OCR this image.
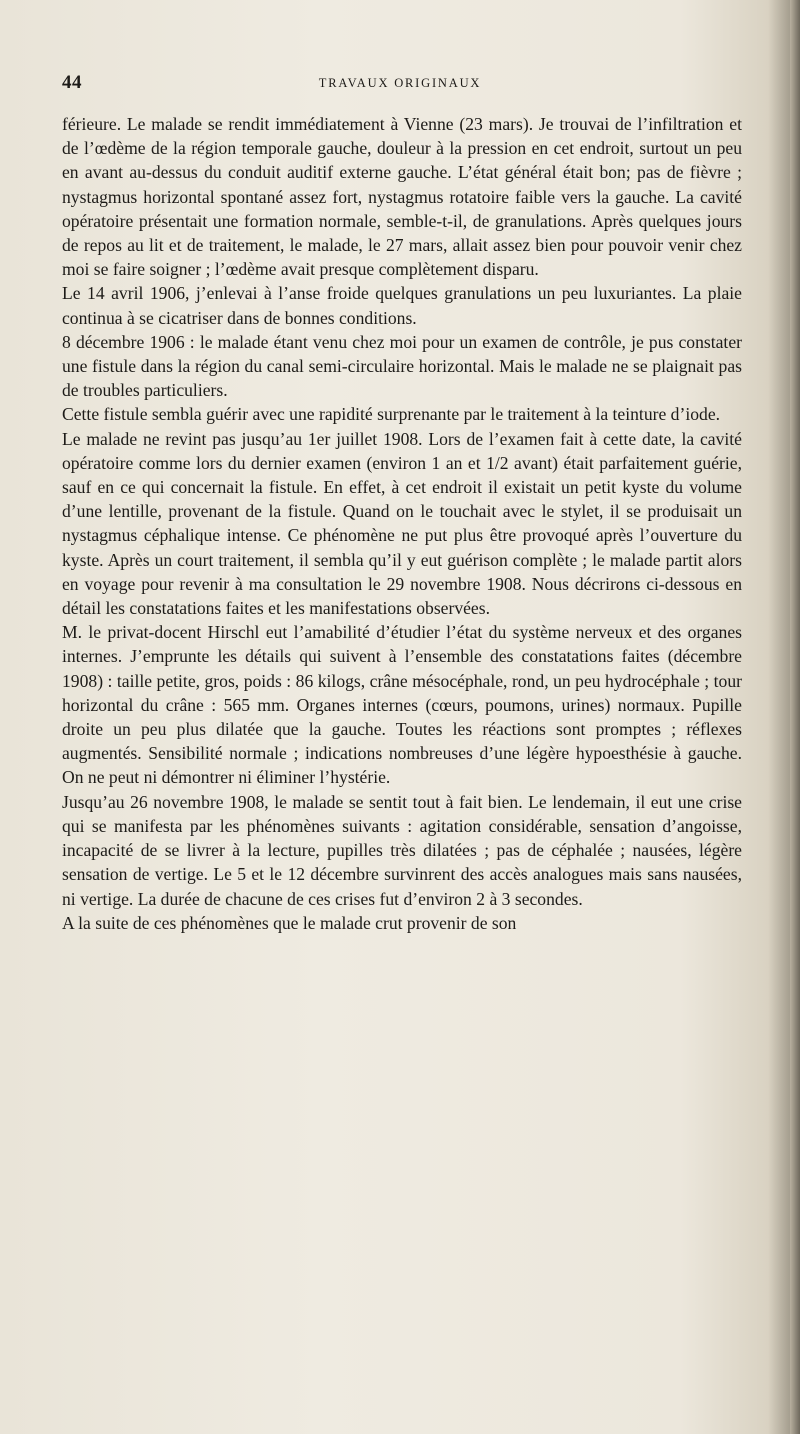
44	TRAVAUX ORIGINAUX

férieure. Le malade se rendit immédiatement à Vienne (23 mars). Je trouvai de l’infiltration et de l’œdème de la région temporale gauche, douleur à la pression en cet endroit, surtout un peu en avant au-dessus du conduit auditif externe gauche. L’état général était bon; pas de fièvre ; nystagmus horizontal spontané assez fort, nystagmus rotatoire faible vers la gauche. La cavité opératoire présentait une formation normale, semble-t-il, de granulations. Après quelques jours de repos au lit et de traitement, le malade, le 27 mars, allait assez bien pour pouvoir venir chez moi se faire soigner ; l’œdème avait presque complètement disparu.

Le 14 avril 1906, j’enlevai à l’anse froide quelques granulations un peu luxuriantes. La plaie continua à se cicatriser dans de bonnes conditions.

8 décembre 1906 : le malade étant venu chez moi pour un examen de contrôle, je pus constater une fistule dans la région du canal semi-circulaire horizontal. Mais le malade ne se plaignait pas de troubles particuliers.

Cette fistule sembla guérir avec une rapidité surprenante par le traitement à la teinture d’iode.

Le malade ne revint pas jusqu’au 1er juillet 1908. Lors de l’examen fait à cette date, la cavité opératoire comme lors du dernier examen (environ 1 an et 1/2 avant) était parfaitement guérie, sauf en ce qui concernait la fistule. En effet, à cet endroit il existait un petit kyste du volume d’une lentille, provenant de la fistule. Quand on le touchait avec le stylet, il se produisait un nystagmus céphalique intense. Ce phénomène ne put plus être provoqué après l’ouverture du kyste. Après un court traitement, il sembla qu’il y eut guérison complète ; le malade partit alors en voyage pour revenir à ma consultation le 29 novembre 1908. Nous décrirons ci-dessous en détail les constatations faites et les manifestations observées.

M. le privat-docent Hirschl eut l’amabilité d’étudier l’état du système nerveux et des organes internes. J’emprunte les détails qui suivent à l’ensemble des constatations faites (décembre 1908) : taille petite, gros, poids : 86 kilogs, crâne mésocéphale, rond, un peu hydrocéphale ; tour horizontal du crâne : 565 mm. Organes internes (cœurs, poumons, urines) normaux. Pupille droite un peu plus dilatée que la gauche. Toutes les réactions sont promptes ; réflexes augmentés. Sensibilité normale ; indications nombreuses d’une légère hypoesthésie à gauche. On ne peut ni démontrer ni éliminer l’hystérie.

Jusqu’au 26 novembre 1908, le malade se sentit tout à fait bien. Le lendemain, il eut une crise qui se manifesta par les phénomènes suivants : agitation considérable, sensation d’angoisse, incapacité de se livrer à la lecture, pupilles très dilatées ; pas de céphalée ; nausées, légère sensation de vertige. Le 5 et le 12 décembre survinrent des accès analogues mais sans nausées, ni vertige. La durée de chacune de ces crises fut d’environ 2 à 3 secondes.

A la suite de ces phénomènes que le malade crut provenir de son
